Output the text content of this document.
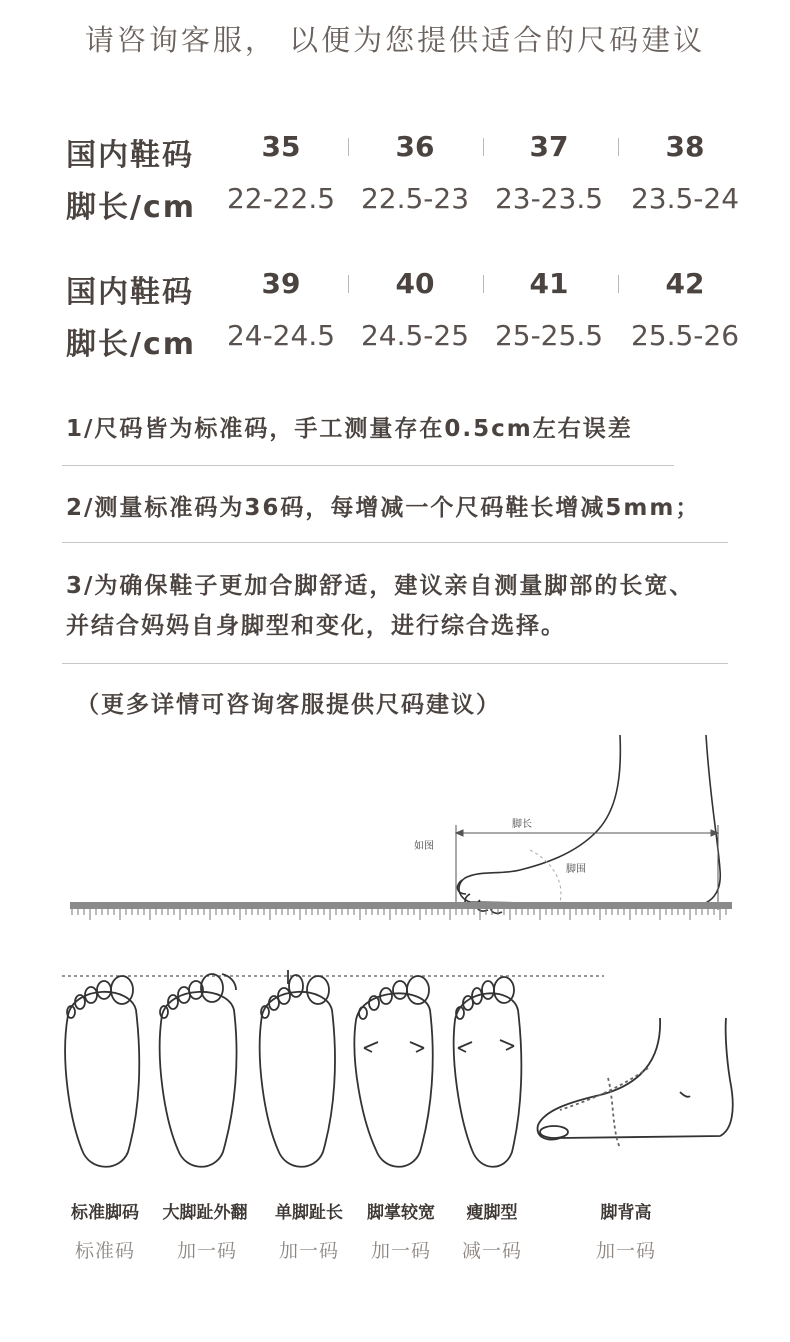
请咨询客服， 以便为您提供适合的尺码建议
国内鞋码	35	36	37	38
脚长/cm	22-22.5 22.5-23 23-23.5 23.5-24
国内鞋码	39	40	41	42
脚长/cm	24-24.5 24.5-25 25-25.5 25.5-26
1/尺码皆为标准码，手工测量存在0.5cm左右误差
2/测量标准码为36码，每增减一个尺码鞋长增减5mm；
3/为确保鞋子更加合脚舒适，建议亲自测量脚部的长宽、
并结合妈妈自身脚型和变化，进行综合选择。
（更多详情可咨询客服提供尺码建议）
脚长
如图
脚围
标准脚码	大脚趾外翻	单脚趾长	脚掌较宽	瘦脚型	脚背高
标准码	加一码	加一码	加一码	减一码	加一码
